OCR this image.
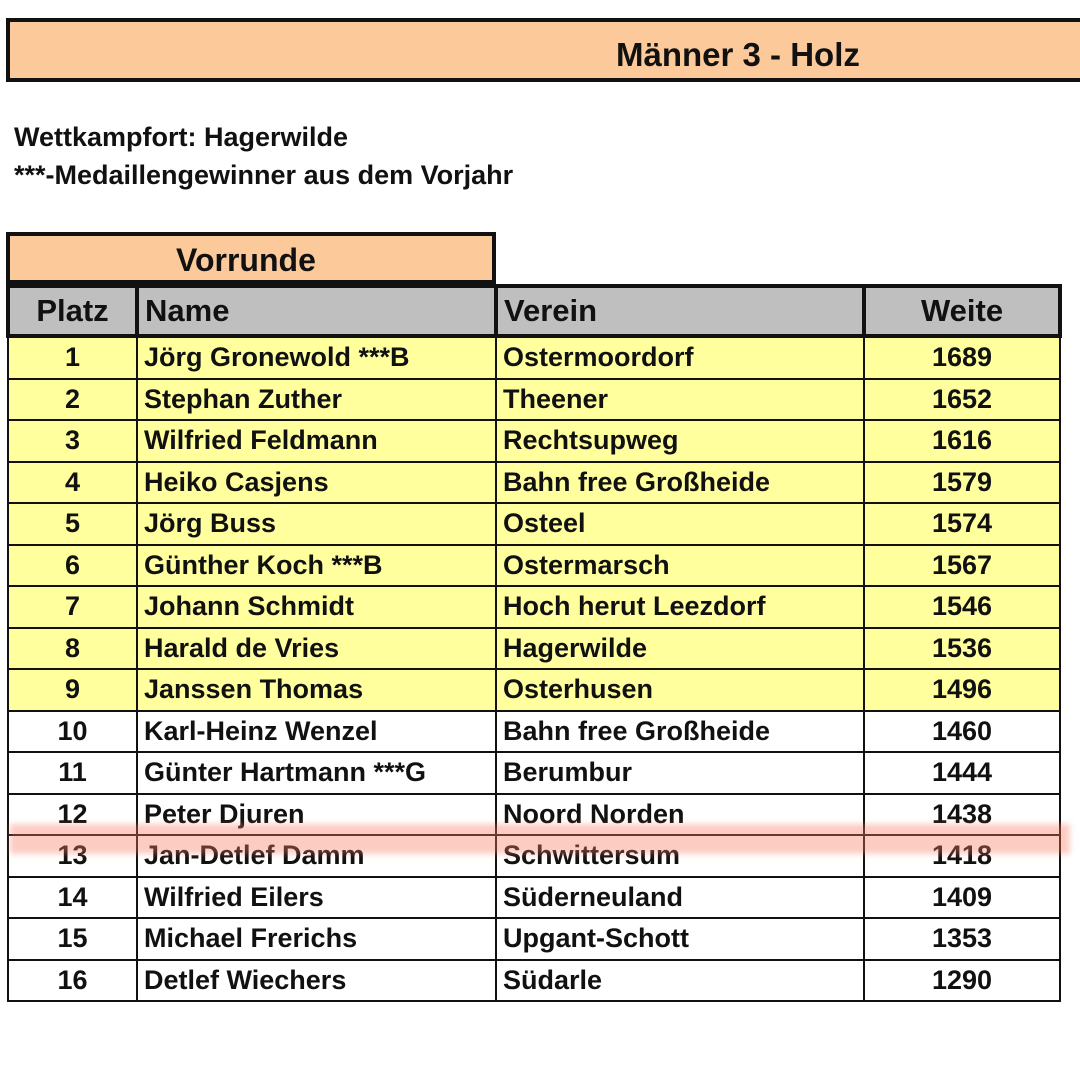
Männer 3 - Holz
Wettkampfort: Hagerwilde
***-Medaillengewinner aus dem Vorjahr
Vorrunde
Platz	Name	Verein	Weite
1	Jörg Gronewold ***B	Ostermoordorf	1689
2	Stephan Zuther	Theener	1652
3	Wilfried Feldmann	Rechtsupweg	1616
4	Heiko Casjens	Bahn free Großheide	1579
5	Jörg Buss	Osteel	1574
6	Günther Koch ***B	Ostermarsch	1567
7	Johann Schmidt	Hoch herut Leezdorf	1546
8	Harald de Vries	Hagerwilde	1536
9	Janssen Thomas	Osterhusen	1496
10	Karl-Heinz Wenzel	Bahn free Großheide	1460
11	Günter Hartmann ***G	Berumbur	1444
12	Peter Djuren	Noord Norden	1438
13	Jan-Detlef Damm	Schwittersum	1418
14	Wilfried Eilers	Süderneuland	1409
15	Michael Frerichs	Upgant-Schott	1353
16	Detlef Wiechers	Südarle	1290
